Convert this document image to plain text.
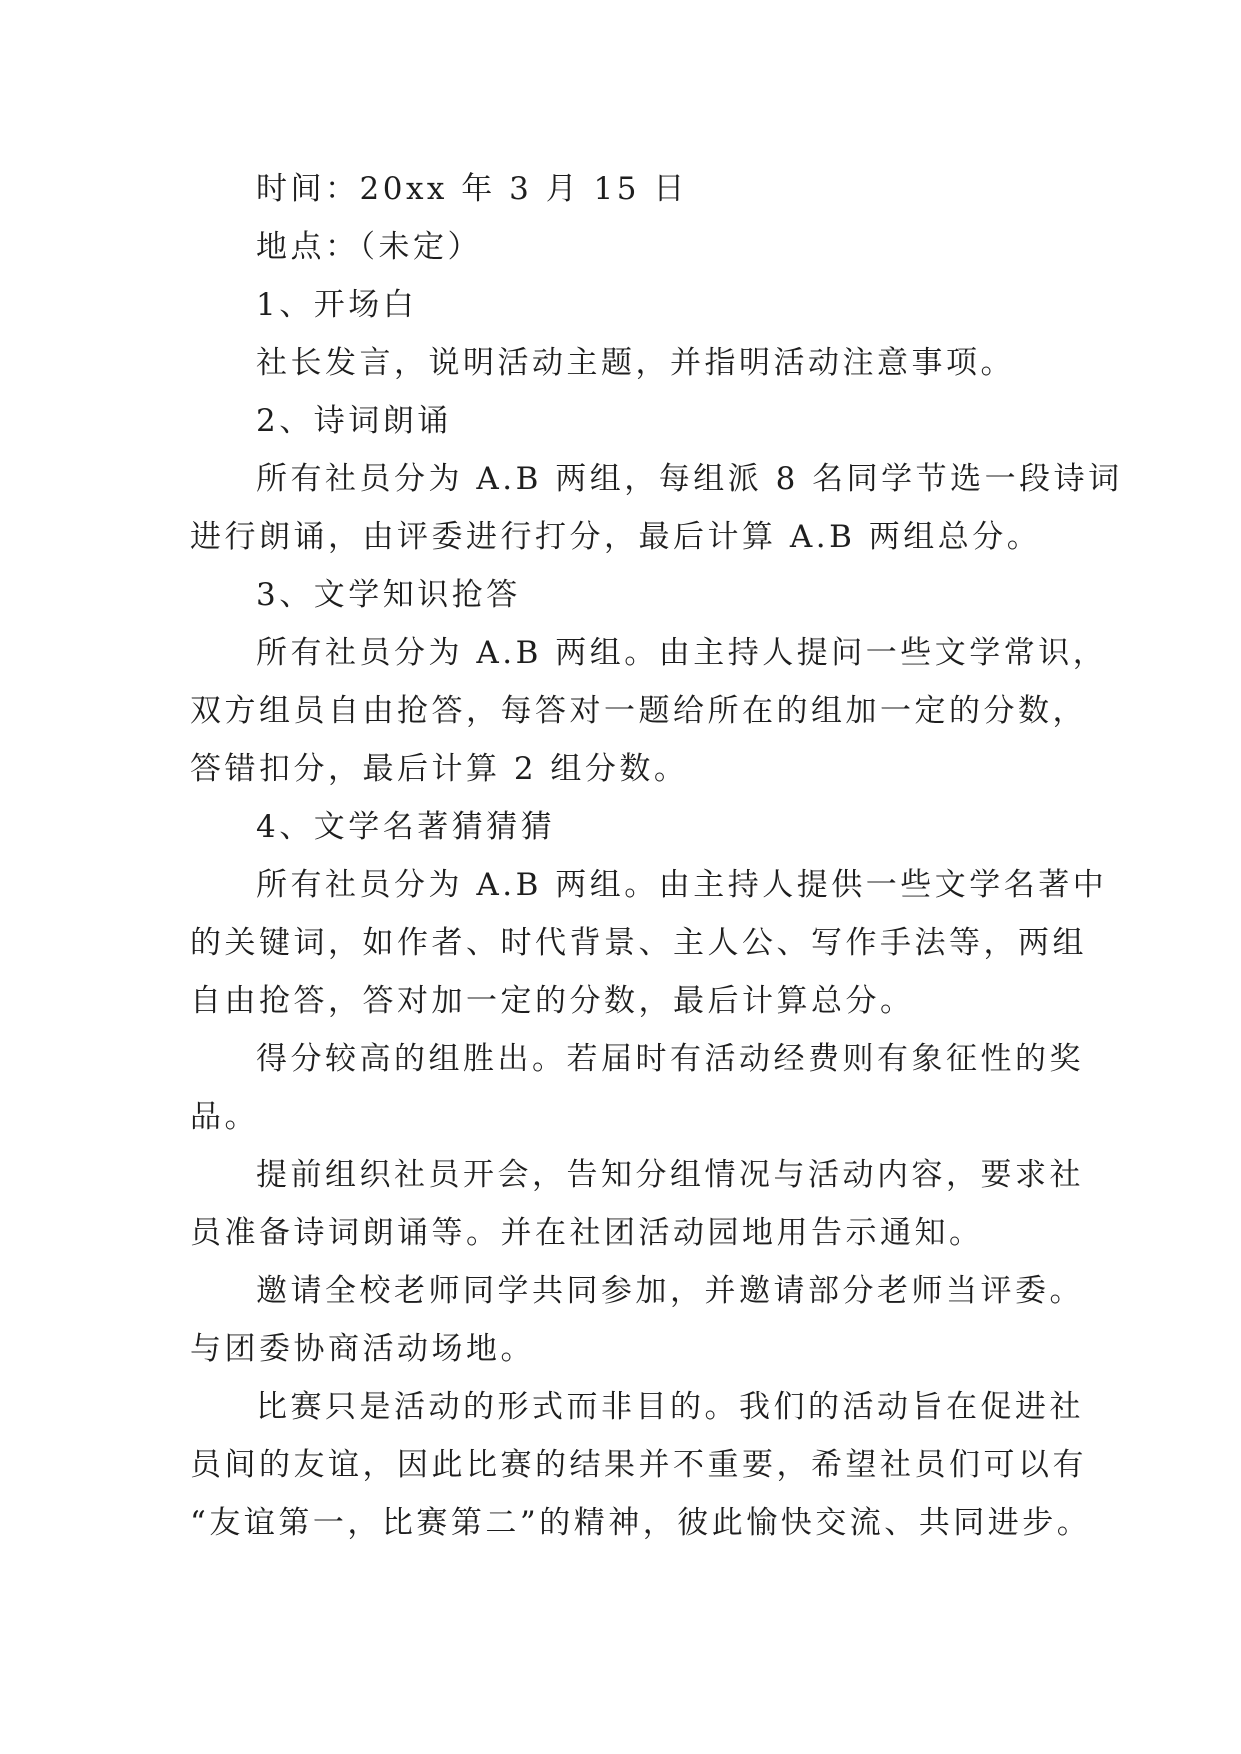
时间：20xx 年 3 月 15 日

地点：（未定）

1、开场白

社长发言，说明活动主题，并指明活动注意事项。

2、诗词朗诵

所有社员分为 A.B 两组，每组派 8 名同学节选一段诗词

进行朗诵，由评委进行打分，最后计算 A.B 两组总分。

3、文学知识抢答

所有社员分为 A.B 两组。由主持人提问一些文学常识，

双方组员自由抢答，每答对一题给所在的组加一定的分数，

答错扣分，最后计算 2 组分数。

4、文学名著猜猜猜

所有社员分为 A.B 两组。由主持人提供一些文学名著中

的关键词，如作者、时代背景、主人公、写作手法等，两组

自由抢答，答对加一定的分数，最后计算总分。

得分较高的组胜出。若届时有活动经费则有象征性的奖

品。

提前组织社员开会，告知分组情况与活动内容，要求社

员准备诗词朗诵等。并在社团活动园地用告示通知。

邀请全校老师同学共同参加，并邀请部分老师当评委。

与团委协商活动场地。

比赛只是活动的形式而非目的。我们的活动旨在促进社

员间的友谊，因此比赛的结果并不重要，希望社员们可以有

“友谊第一，比赛第二”的精神，彼此愉快交流、共同进步。
